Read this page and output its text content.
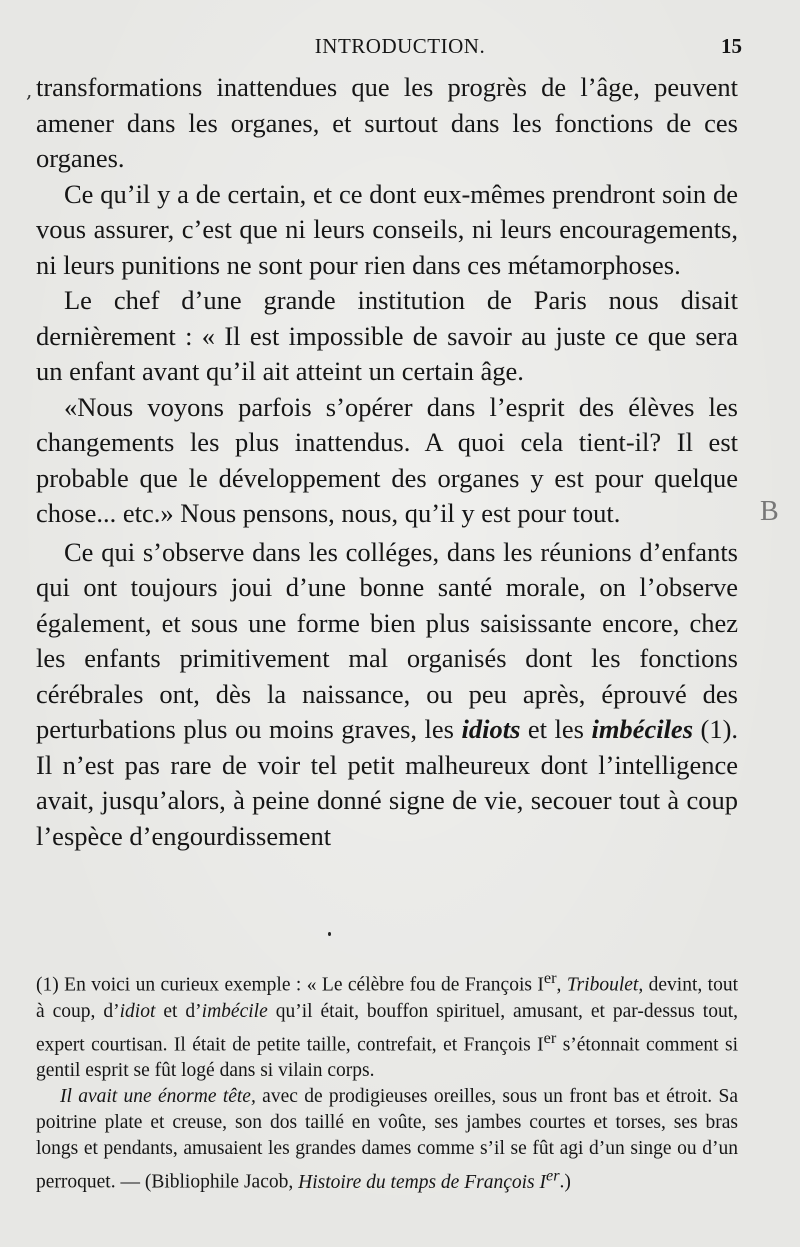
INTRODUCTION.	15
, transformations inattendues que les progrès de l’âge, peuvent amener dans les organes, et surtout dans les fonctions de ces organes.

Ce qu’il y a de certain, et ce dont eux-mêmes prendront soin de vous assurer, c’est que ni leurs conseils, ni leurs encouragements, ni leurs punitions ne sont pour rien dans ces métamorphoses.

Le chef d’une grande institution de Paris nous disait dernièrement : « Il est impossible de savoir au juste ce que sera un enfant avant qu’il ait atteint un certain âge.

«Nous voyons parfois s’opérer dans l’esprit des élèves les changements les plus inattendus. A quoi cela tient-il? Il est probable que le développement des organes y est pour quelque chose... etc.» Nous pensons, nous, qu’il y est pour tout.

Ce qui s’observe dans les colléges, dans les réunions d’enfants qui ont toujours joui d’une bonne santé morale, on l’observe également, et sous une forme bien plus saisissante encore, chez les enfants primitivement mal organisés dont les fonctions cérébrales ont, dès la naissance, ou peu après, éprouvé des perturbations plus ou moins graves, les idiots et les imbéciles (1). Il n’est pas rare de voir tel petit malheureux dont l’intelligence avait, jusqu’alors, à peine donné signe de vie, secouer tout à coup l’espèce d’engourdissement

(1) En voici un curieux exemple : « Le célèbre fou de François Ier, Triboulet, devint, tout à coup, d’idiot et d’imbécile qu’il était, bouffon spirituel, amusant, et par-dessus tout, expert courtisan. Il était de petite taille, contrefait, et François Ier s’étonnait comment si gentil esprit se fût logé dans si vilain corps.

Il avait une énorme tête, avec de prodigieuses oreilles, sous un front bas et étroit. Sa poitrine plate et creuse, son dos taillé en voûte, ses jambes courtes et torses, ses bras longs et pendants, amusaient les grandes dames comme s’il se fût agi d’un singe ou d’un perroquet. — (Bibliophile Jacob, Histoire du temps de François Ier.)

B
